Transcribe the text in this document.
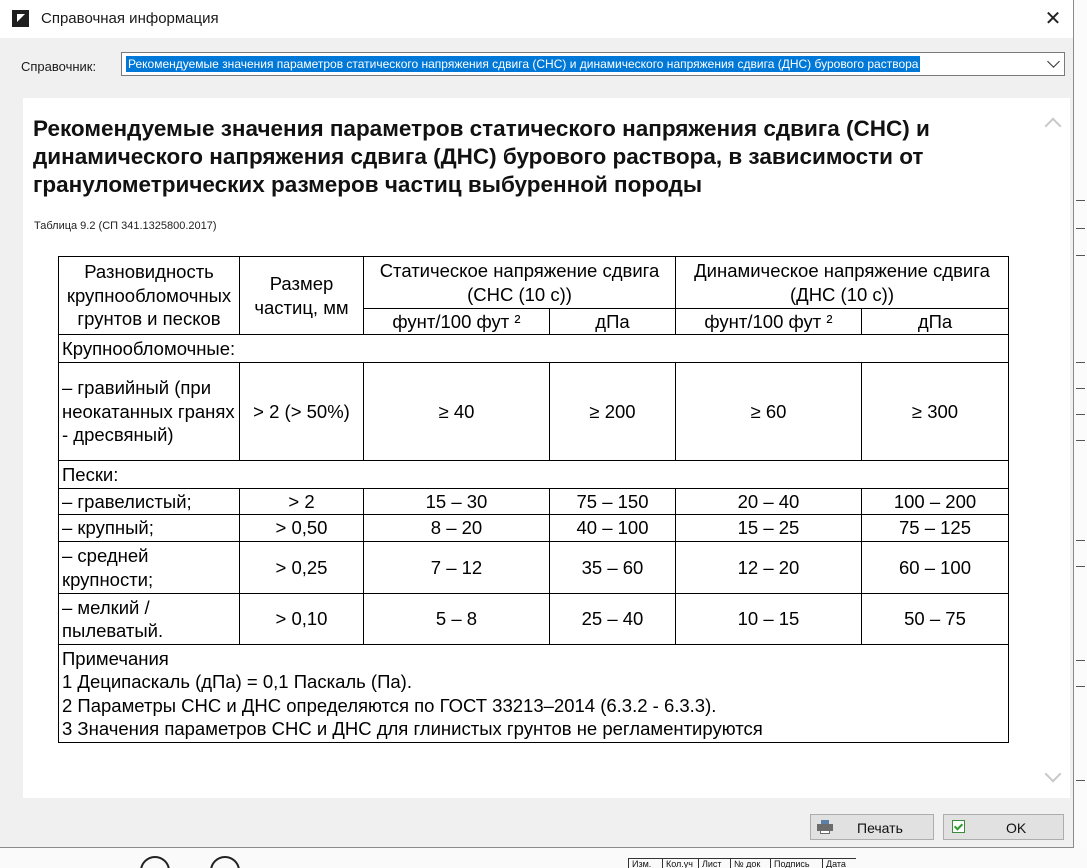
Изм.	Кол.уч	Лист	№ док	Подпись	Дата
Справочная информация	✕
Справочник:	Рекомендуемые значения параметров статического напряжения сдвига (СНС) и динамического напряжения сдвига (ДНС) бурового раствора
Рекомендуемые значения параметров статического напряжения сдвига (СНС) и динамического напряжения сдвига (ДНС) бурового раствора, в зависимости от гранулометрических размеров частиц выбуренной породы
Таблица 9.2 (СП 341.1325800.2017)
Разновидность крупнообломочных грунтов и песков	Размер частиц, мм	Статическое напряжение сдвига (СНС (10 с))		Динамическое напряжение сдвига (ДНС (10 с))	
		фунт/100 фут ²	дПа	фунт/100 фут ²	дПа
Крупнообломочные:					
– гравийный (при неокатанных гранях - дресвяный)	> 2 (> 50%)	≥ 40	≥ 200	≥ 60	≥ 300
Пески:					
– гравелистый;	> 2	15 – 30	75 – 150	20 – 40	100 – 200
– крупный;	> 0,50	8 – 20	40 – 100	15 – 25	75 – 125
– средней крупности;	> 0,25	7 – 12	35 – 60	12 – 20	60 – 100
– мелкий / пылеватый.	> 0,10	5 – 8	25 – 40	10 – 15	50 – 75

Примечания
1 Деципаскаль (дПа) = 0,1 Паскаль (Па).
2 Параметры СНС и ДНС определяются по ГОСТ 33213–2014 (6.3.2 - 6.3.3).
3 Значения параметров СНС и ДНС для глинистых грунтов не регламентируются					
Печать	OK
